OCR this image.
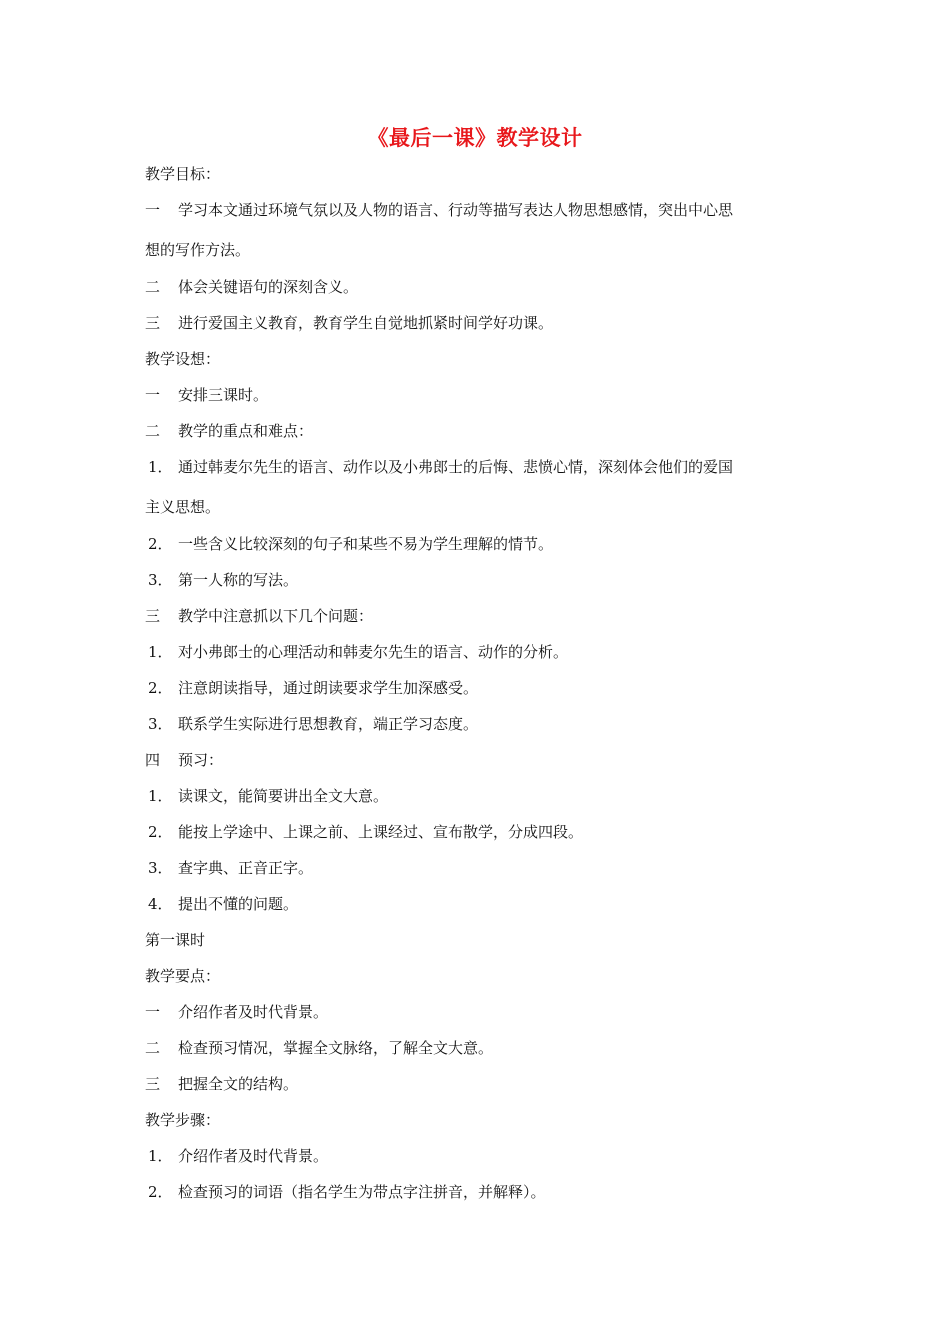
《最后一课》教学设计
教学目标：
一 学习本文通过环境气氛以及人物的语言、行动等描写表达人物思想感情，突出中心思
想的写作方法。
二 体会关键语句的深刻含义。
三 进行爱国主义教育，教育学生自觉地抓紧时间学好功课。
教学设想：
一 安排三课时。
二 教学的重点和难点：
1． 通过韩麦尔先生的语言、动作以及小弗郎士的后悔、悲愤心情，深刻体会他们的爱国
主义思想。
2． 一些含义比较深刻的句子和某些不易为学生理解的情节。
3． 第一人称的写法。
三 教学中注意抓以下几个问题：
1． 对小弗郎士的心理活动和韩麦尔先生的语言、动作的分析。
2． 注意朗读指导，通过朗读要求学生加深感受。
3． 联系学生实际进行思想教育，端正学习态度。
四 预习：
1． 读课文，能简要讲出全文大意。
2． 能按上学途中、上课之前、上课经过、宣布散学，分成四段。
3． 查字典、正音正字。
4． 提出不懂的问题。
第一课时
教学要点：
一 介绍作者及时代背景。
二 检查预习情况，掌握全文脉络，了解全文大意。
三 把握全文的结构。
教学步骤：
1． 介绍作者及时代背景。
2． 检查预习的词语（指名学生为带点字注拼音，并解释）。
